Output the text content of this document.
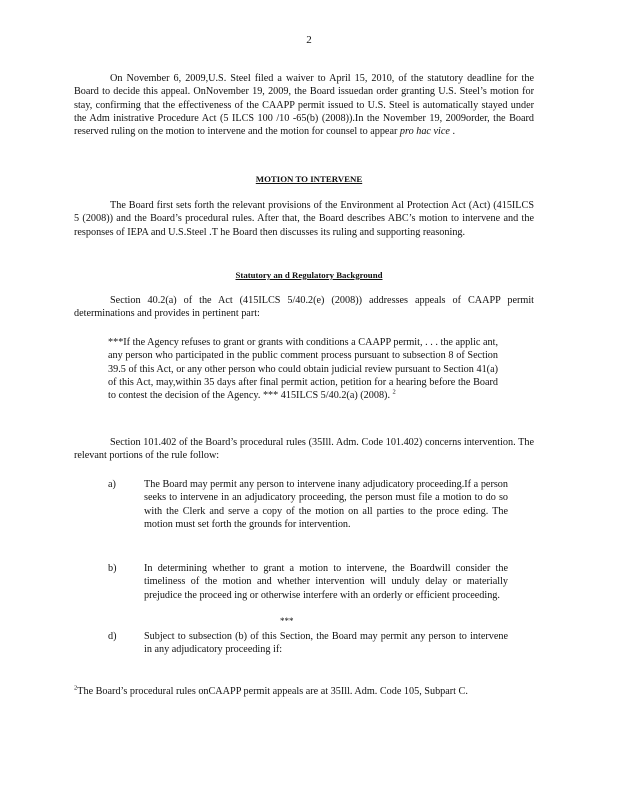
2
On November 6, 2009,U.S. Steel filed a waiver to April 15, 2010, of the statutory deadline for the Board to decide this appeal. OnNovember 19, 2009, the Board issuedan order granting U.S. Steel’s motion for stay, confirming that the effectiveness of the CAAPP permit issued to U.S. Steel is automatically stayed under the Adm inistrative Procedure Act (5 ILCS 100 /10 -65(b) (2008)).In the November 19, 2009order, the Board reserved ruling on the motion to intervene and the motion for counsel to appear pro hac vice .
MOTION TO INTERVENE
The Board first sets forth the relevant provisions of the Environment al Protection Act (Act) (415ILCS 5 (2008)) and the Board’s procedural rules. After that, the Board describes ABC’s motion to intervene and the responses of IEPA and U.S.Steel .T he Board then discusses its ruling and supporting reasoning.
Statutory an d Regulatory Background
Section 40.2(a) of the Act (415ILCS 5/40.2(e) (2008)) addresses appeals of CAAPP permit determinations and provides in pertinent part:
***If the Agency refuses to grant or grants with conditions a CAAPP permit, . . . the applic ant, any person who participated in the public comment process pursuant to subsection 8 of Section 39.5 of this Act, or any other person who could obtain judicial review pursuant to Section 41(a) of this Act, may,within 35 days after final permit action, petition for a hearing before the Board to contest the decision of the Agency. *** 415ILCS 5/40.2(a) (2008). $^2$
Section 101.402 of the Board’s procedural rules (35Ill. Adm. Code 101.402) concerns intervention. The relevant portions of the rule follow:
a)	The Board may permit any person to intervene inany adjudicatory proceeding.If a person seeks to intervene in an adjudicatory proceeding, the person must file a motion to do so with the Clerk and serve a copy of the motion on all parties to the proce eding. The motion must set forth the grounds for intervention.
b)	In determining whether to grant a motion to intervene, the Boardwill consider the timeliness of the motion and whether intervention will unduly delay or materially prejudice the proceed ing or otherwise interfere with an orderly or efficient proceeding.
***
d)	Subject to subsection (b) of this Section, the Board may permit any person to intervene in any adjudicatory proceeding if:
$^2$The Board’s procedural rules onCAAPP permit appeals are at 35Ill. Adm. Code 105, Subpart C.
